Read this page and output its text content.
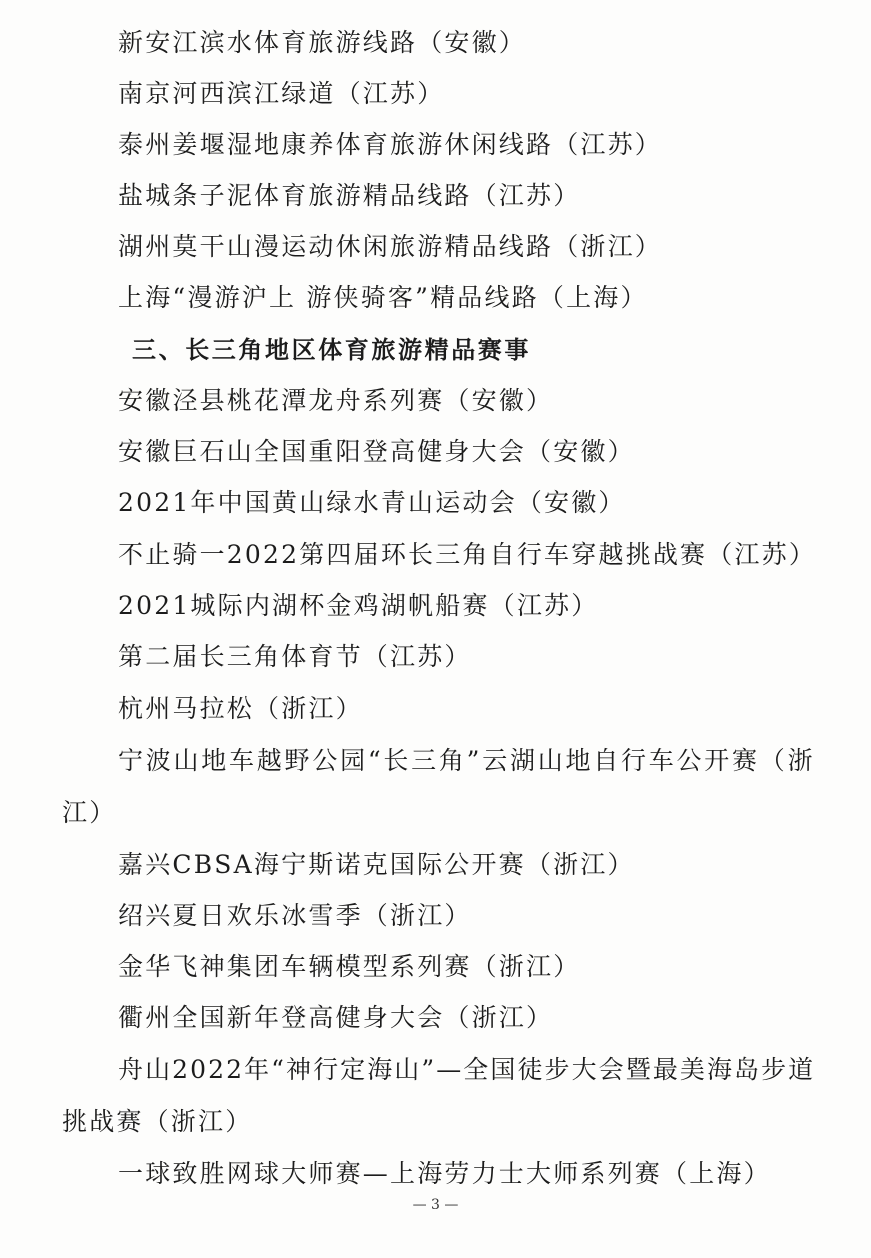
新安江滨水体育旅游线路（安徽）
南京河西滨江绿道（江苏）
泰州姜堰湿地康养体育旅游休闲线路（江苏）
盐城条子泥体育旅游精品线路（江苏）
湖州莫干山漫运动休闲旅游精品线路（浙江）
上海“漫游沪上 游侠骑客”精品线路（上海）
三、长三角地区体育旅游精品赛事
安徽泾县桃花潭龙舟系列赛（安徽）
安徽巨石山全国重阳登高健身大会（安徽）
2021年中国黄山绿水青山运动会（安徽）
不止骑一2022第四届环长三角自行车穿越挑战赛（江苏）
2021城际内湖杯金鸡湖帆船赛（江苏）
第二届长三角体育节（江苏）
杭州马拉松（浙江）
宁波山地车越野公园“长三角”云湖山地自行车公开赛（浙
江）
嘉兴CBSA海宁斯诺克国际公开赛（浙江）
绍兴夏日欢乐冰雪季（浙江）
金华飞神集团车辆模型系列赛（浙江）
衢州全国新年登高健身大会（浙江）
舟山2022年“神行定海山”—全国徒步大会暨最美海岛步道
挑战赛（浙江）
一球致胜网球大师赛—上海劳力士大师系列赛（上海）
— 3 —
